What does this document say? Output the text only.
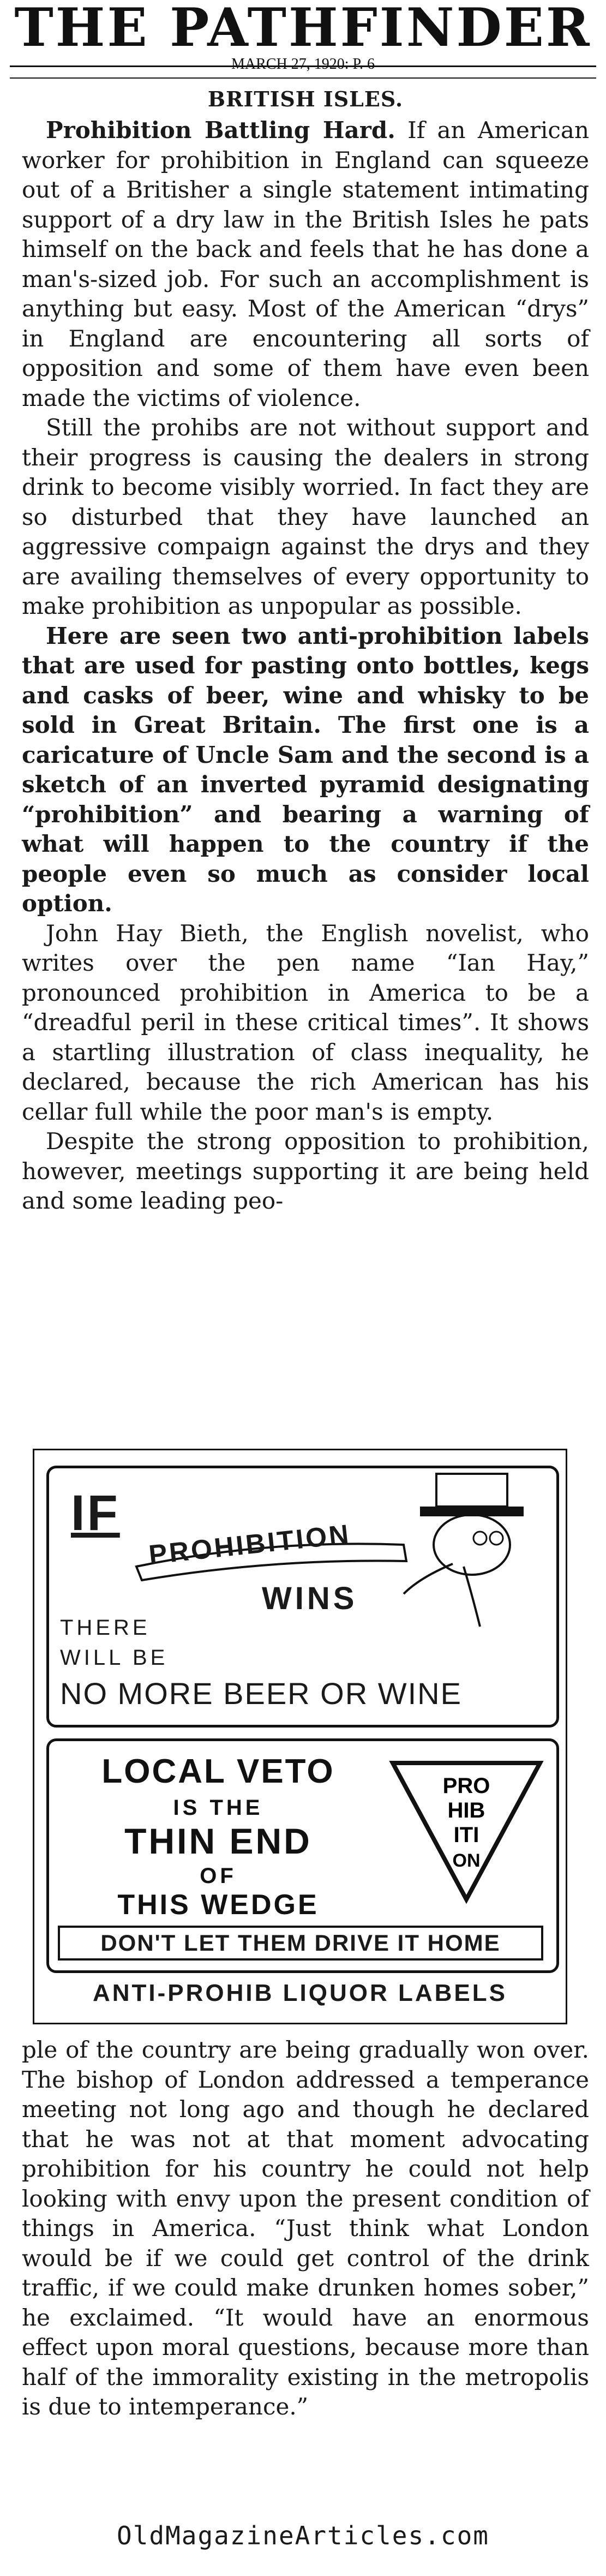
THE PATHFINDER
MARCH 27, 1920: P. 6
BRITISH ISLES.

Prohibition Battling Hard. If an American worker for prohibition in England can squeeze out of a Britisher a single statement intimating support of a dry law in the British Isles he pats himself on the back and feels that he has done a man's-sized job. For such an accomplishment is anything but easy. Most of the American “drys” in England are encountering all sorts of opposition and some of them have even been made the victims of violence.

Still the prohibs are not without support and their progress is causing the dealers in strong drink to become visibly worried. In fact they are so disturbed that they have launched an aggressive compaign against the drys and they are availing themselves of every opportunity to make prohibition as unpopular as possible.

Here are seen two anti-prohibition labels that are used for pasting onto bottles, kegs and casks of beer, wine and whisky to be sold in Great Britain. The first one is a caricature of Uncle Sam and the second is a sketch of an inverted pyramid designating “prohibition” and bearing a warning of what will happen to the country if the people even so much as consider local option.

John Hay Bieth, the English novelist, who writes over the pen name “Ian Hay,” pronounced prohibition in America to be a “dreadful peril in these critical times”. It shows a startling illustration of class inequality, he declared, because the rich American has his cellar full while the poor man's is empty.

Despite the strong opposition to prohibition, however, meetings supporting it are being held and some leading peo-

IF
PROHIBITION
WINS
THERE
WILL BE
NO MORE BEER OR WINE
LOCAL VETO
IS THE
THIN END
OF
THIS WEDGE
PRO
HIB
ITI
ON
DON'T LET THEM DRIVE IT HOME
ANTI-PROHIB LIQUOR LABELS

ple of the country are being gradually won over. The bishop of London addressed a temperance meeting not long ago and though he declared that he was not at that moment advocating prohibition for his country he could not help looking with envy upon the present condition of things in America. “Just think what London would be if we could get control of the drink traffic, if we could make drunken homes sober,” he exclaimed. “It would have an enormous effect upon moral questions, because more than half of the immorality existing in the metropolis is due to intemperance.”

OldMagazineArticles.com
